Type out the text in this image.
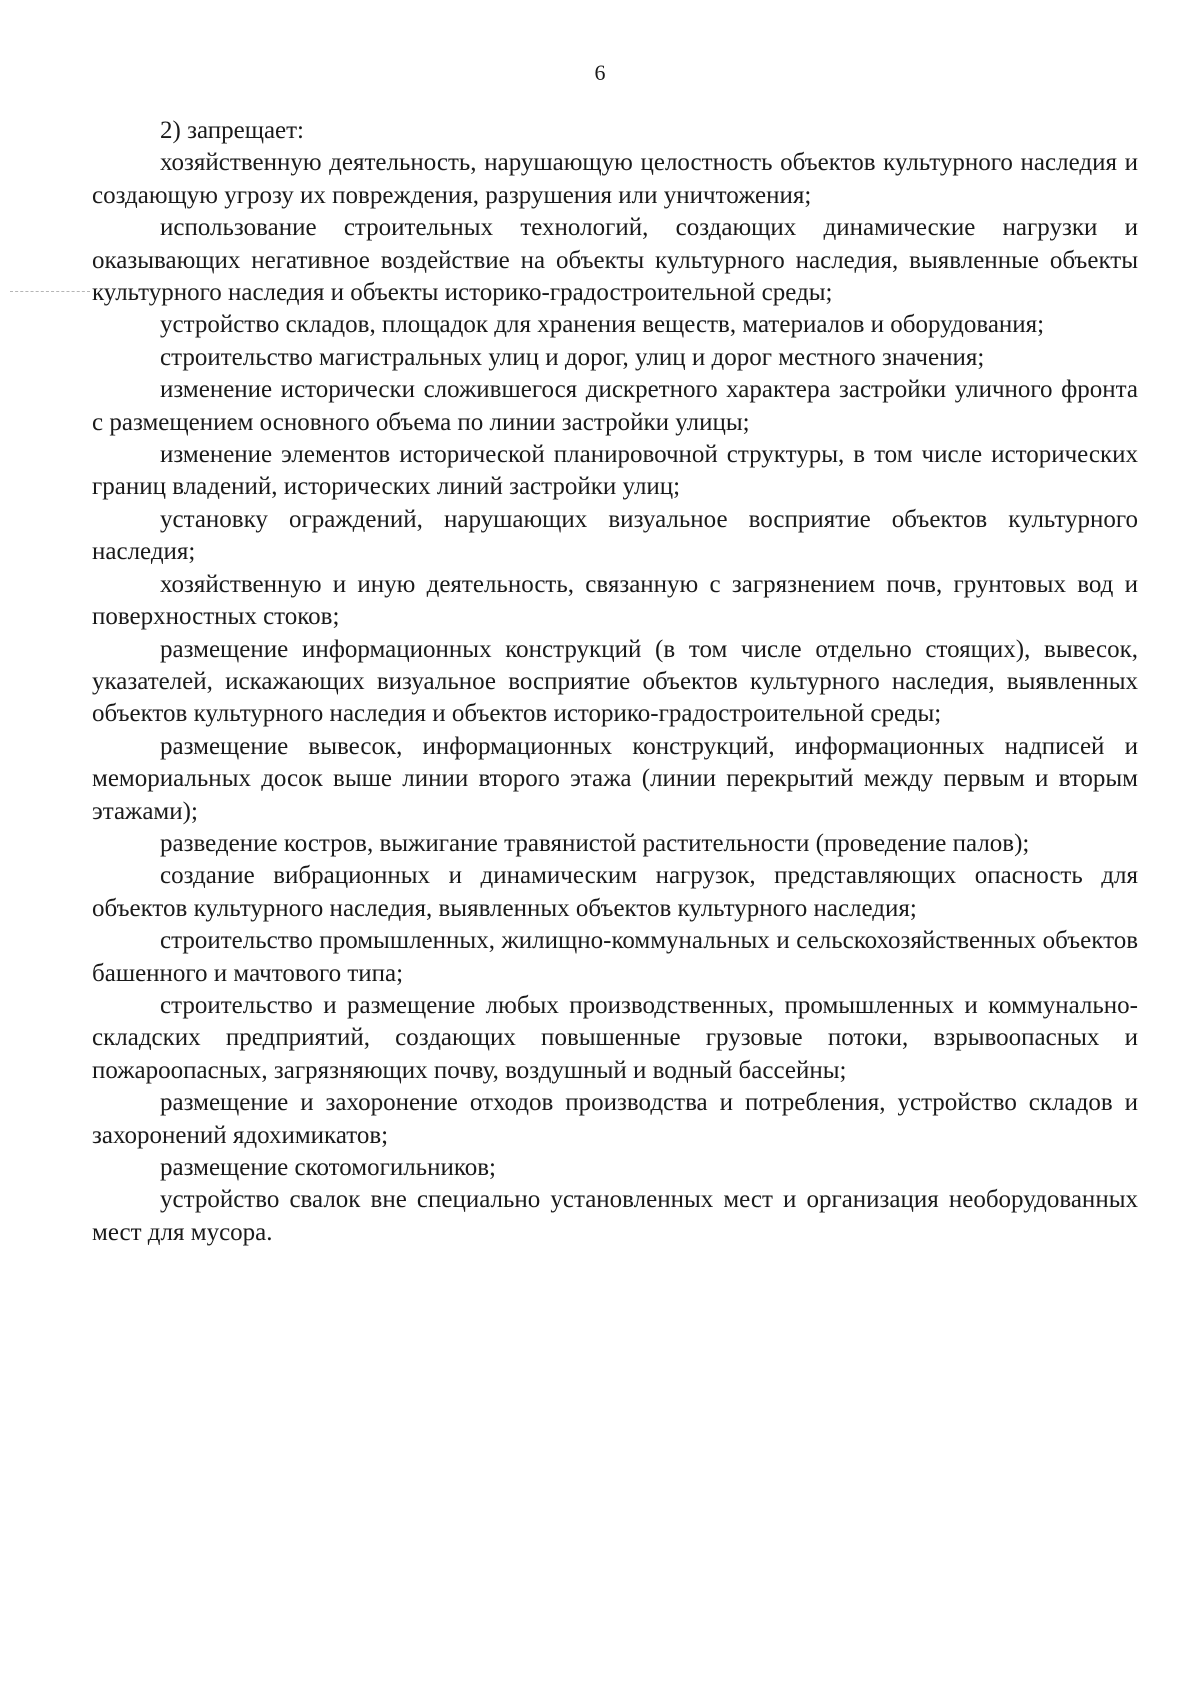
6

2) запрещает:

хозяйственную деятельность, нарушающую целостность объектов культурного наследия и создающую угрозу их повреждения, разрушения или уничтожения;

использование строительных технологий, создающих динамические нагрузки и оказывающих негативное воздействие на объекты культурного наследия, выявленные объекты культурного наследия и объекты историко-градостроительной среды;

устройство складов, площадок для хранения веществ, материалов и оборудования;

строительство магистральных улиц и дорог, улиц и дорог местного значения;

изменение исторически сложившегося дискретного характера застройки уличного фронта с размещением основного объема по линии застройки улицы;

изменение элементов исторической планировочной структуры, в том числе исторических границ владений, исторических линий застройки улиц;

установку ограждений, нарушающих визуальное восприятие объектов культурного наследия;

хозяйственную и иную деятельность, связанную с загрязнением почв, грунтовых вод и поверхностных стоков;

размещение информационных конструкций (в том числе отдельно стоящих), вывесок, указателей, искажающих визуальное восприятие объектов культурного наследия, выявленных объектов культурного наследия и объектов историко-градостроительной среды;

размещение вывесок, информационных конструкций, информационных надписей и мемориальных досок выше линии второго этажа (линии перекрытий между первым и вторым этажами);

разведение костров, выжигание травянистой растительности (проведение палов);

создание вибрационных и динамическим нагрузок, представляющих опасность для объектов культурного наследия, выявленных объектов культурного наследия;

строительство промышленных, жилищно-коммунальных и сельскохозяйственных объектов башенного и мачтового типа;

строительство и размещение любых производственных, промышленных и коммунально-складских предприятий, создающих повышенные грузовые потоки, взрывоопасных и пожароопасных, загрязняющих почву, воздушный и водный бассейны;

размещение и захоронение отходов производства и потребления, устройство складов и захоронений ядохимикатов;

размещение скотомогильников;

устройство свалок вне специально установленных мест и организация необорудованных мест для мусора.
